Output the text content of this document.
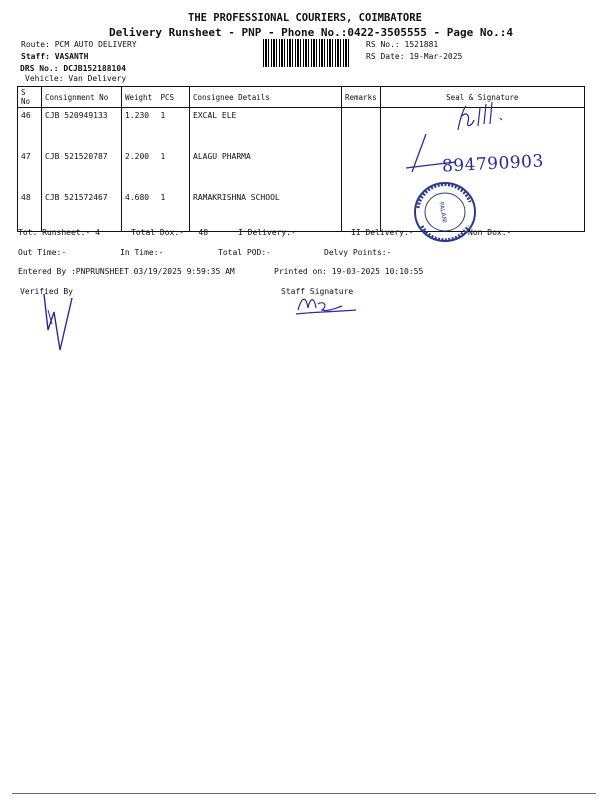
THE PROFESSIONAL COURIERS, COIMBATORE
Delivery Runsheet - PNP - Phone No.:0422-3505555 - Page No.:4
Route: PCM AUTO DELIVERY
Staff: VASANTH
DRS No.: DCJB152188104
Vehicle: Van Delivery
RS No.: 1521881
RS Date: 19-Mar-2025
S No	Consignment No	Weight	PCS	Consignee Details	Remarks	Seal & Signature
46	CJB 520949133	1.230	1	EXCAL ELE		
47	CJB 521520787	2.200	1	ALAGU PHARMA		
48	CJB 521572467	4.680	1	RAMAKRISHNA SCHOOL		
894790903
PALANI
Tot. Runsheet:- 4	Total Dox:-   48	I Delivery:-	II Delivery:-	Non Dox:-
Out Time:-	In Time:-	Total POD:-	Delvy Points:-
Entered By :PNPRUNSHEET 03/19/2025 9:59:35 AM	Printed on: 19-03-2025 10:10:55
Verified By	Staff Signature
